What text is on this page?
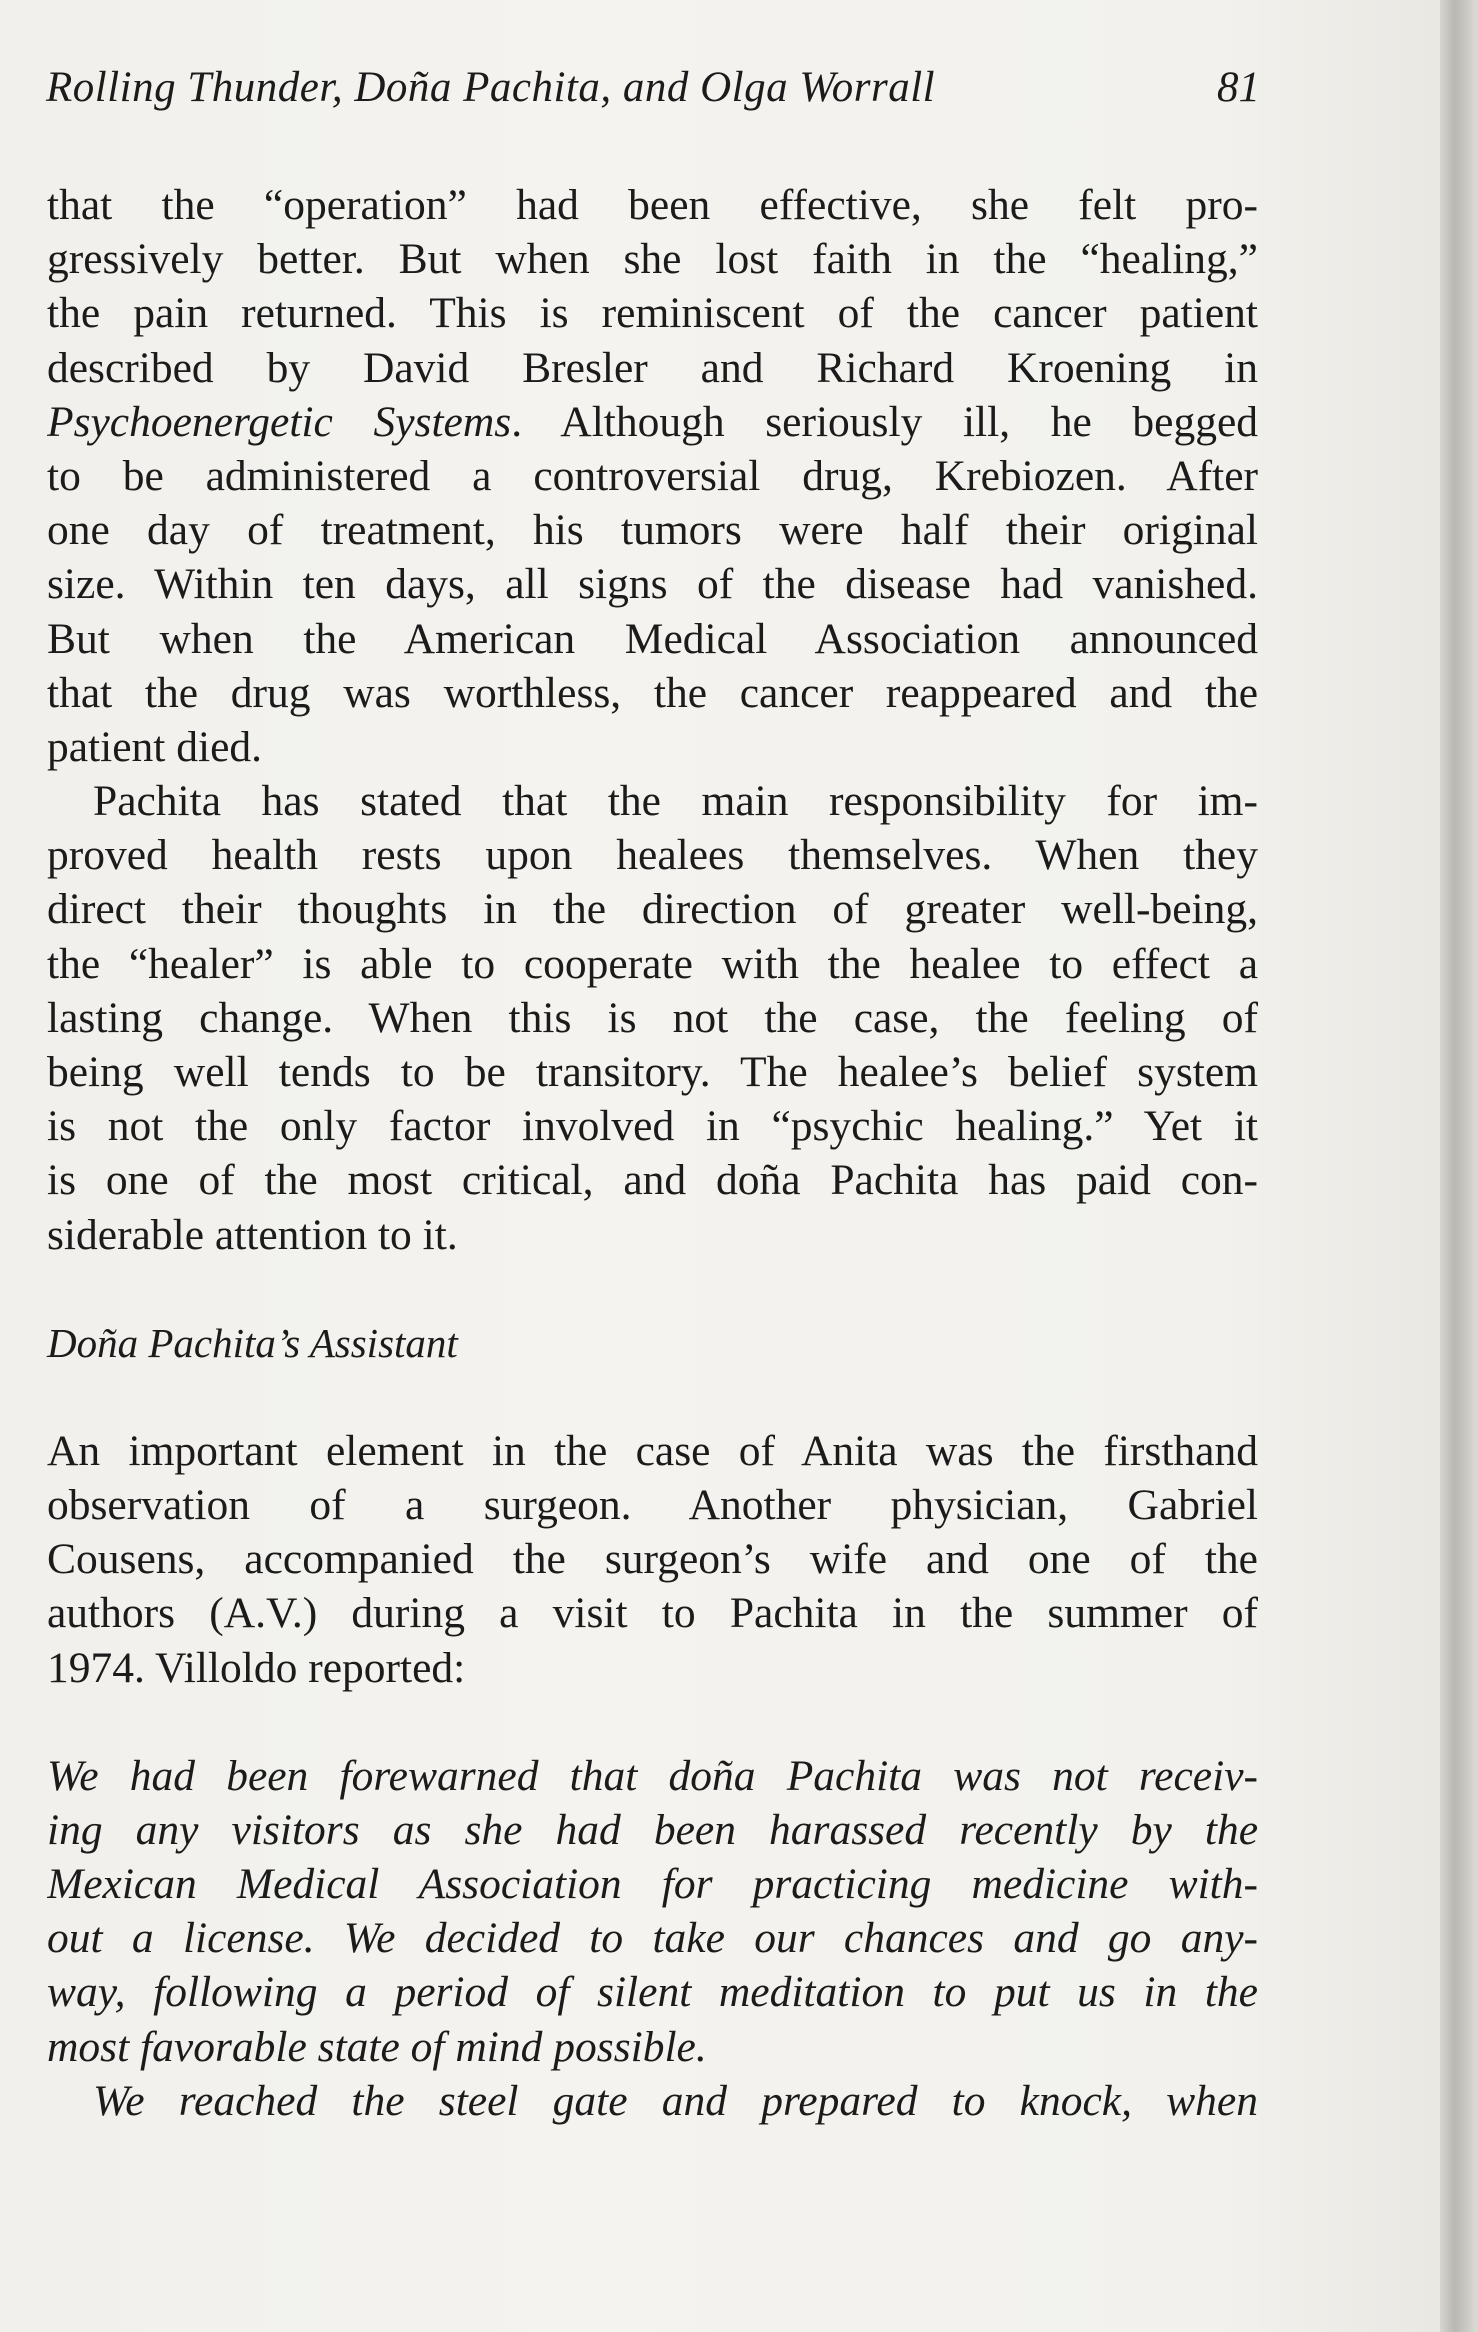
Rolling Thunder, Doña Pachita, and Olga Worrall	81
that the “operation” had been effective, she felt pro-
gressively better. But when she lost faith in the “healing,”
the pain returned. This is reminiscent of the cancer patient
described by David Bresler and Richard Kroening in
Psychoenergetic Systems. Although seriously ill, he begged
to be administered a controversial drug, Krebiozen. After
one day of treatment, his tumors were half their original
size. Within ten days, all signs of the disease had vanished.
But when the American Medical Association announced
that the drug was worthless, the cancer reappeared and the
patient died.
Pachita has stated that the main responsibility for im-
proved health rests upon healees themselves. When they
direct their thoughts in the direction of greater well-being,
the “healer” is able to cooperate with the healee to effect a
lasting change. When this is not the case, the feeling of
being well tends to be transitory. The healee’s belief system
is not the only factor involved in “psychic healing.” Yet it
is one of the most critical, and doña Pachita has paid con-
siderable attention to it.
Doña Pachita’s Assistant
An important element in the case of Anita was the firsthand
observation of a surgeon. Another physician, Gabriel
Cousens, accompanied the surgeon’s wife and one of the
authors (A.V.) during a visit to Pachita in the summer of
1974. Villoldo reported:
We had been forewarned that doña Pachita was not receiv-
ing any visitors as she had been harassed recently by the
Mexican Medical Association for practicing medicine with-
out a license. We decided to take our chances and go any-
way, following a period of silent meditation to put us in the
most favorable state of mind possible.
We reached the steel gate and prepared to knock, when
